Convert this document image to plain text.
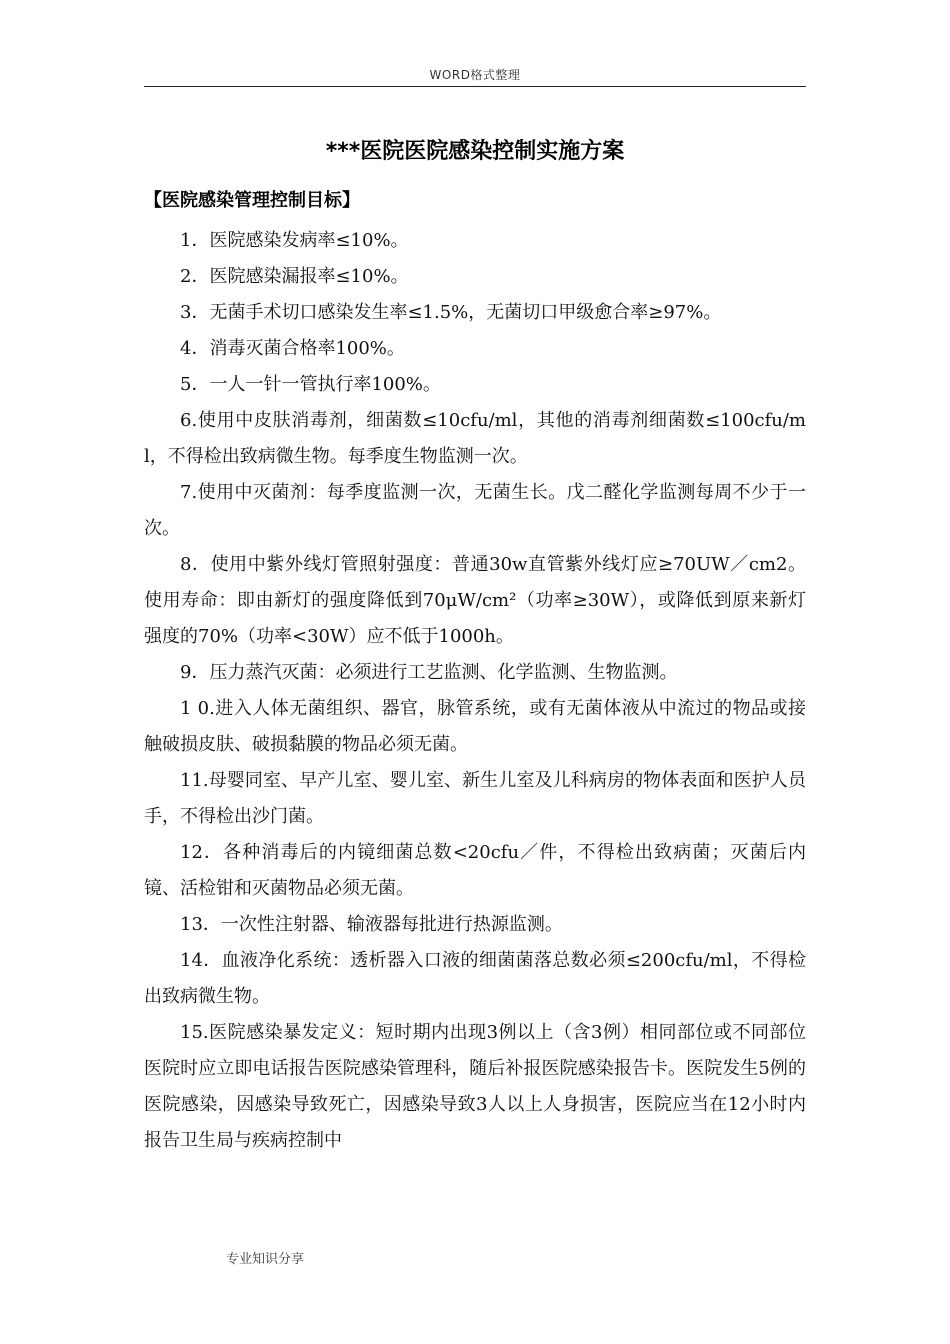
WORD格式整理
***医院医院感染控制实施方案
【医院感染管理控制目标】

1．医院感染发病率≤10%。

2．医院感染漏报率≤10%。

3．无菌手术切口感染发生率≤1.5%，无菌切口甲级愈合率≥97%。

4．消毒灭菌合格率100%。

5．一人一针一管执行率100%。

6.使用中皮肤消毒剂，细菌数≤10cfu/ml，其他的消毒剂细菌数≤100cfu/ml，不得检出致病微生物。每季度生物监测一次。

7.使用中灭菌剂：每季度监测一次，无菌生长。戊二醛化学监测每周不少于一次。

8．使用中紫外线灯管照射强度：普通30w直管紫外线灯应≥70UW／cm2。使用寿命：即由新灯的强度降低到70μW/cm²（功率≥30W），或降低到原来新灯强度的70%（功率<30W）应不低于1000h。

9．压力蒸汽灭菌：必须进行工艺监测、化学监测、生物监测。

1 0.进入人体无菌组织、器官，脉管系统，或有无菌体液从中流过的物品或接触破损皮肤、破损黏膜的物品必须无菌。

11.母婴同室、早产儿室、婴儿室、新生儿室及儿科病房的物体表面和医护人员手，不得检出沙门菌。

12．各种消毒后的内镜细菌总数<20cfu／件，不得检出致病菌；灭菌后内镜、活检钳和灭菌物品必须无菌。

13．一次性注射器、输液器每批进行热源监测。

14．血液净化系统：透析器入口液的细菌菌落总数必须≤200cfu/ml，不得检出致病微生物。

15.医院感染暴发定义：短时期内出现3例以上（含3例）相同部位或不同部位医院时应立即电话报告医院感染管理科，随后补报医院感染报告卡。医院发生5例的医院感染，因感染导致死亡，因感染导致3人以上人身损害，医院应当在12小时内报告卫生局与疾病控制中

专业知识分享
